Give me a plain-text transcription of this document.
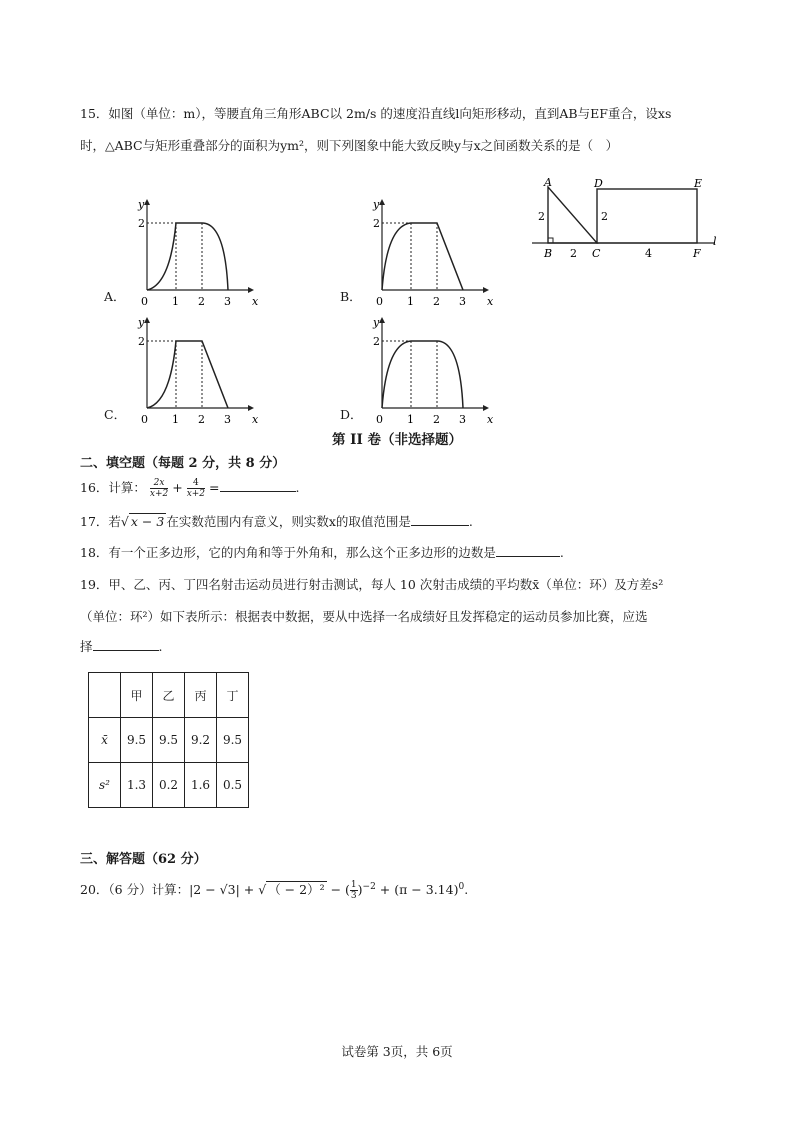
15．如图（单位：m），等腰直角三角形ABC以 2m/s 的速度沿直线l向矩形移动，直到AB与EF重合，设xs
时，△ABC与矩形重叠部分的面积为ym²，则下列图象中能大致反映y与x之间函数关系的是（　）
y
x
2
0 1 2 3
A．
y
x
2
0 1 2 3
B．
A
B	C
D	E
F
l
2
2
2
4
y
x
2
0 1 2 3
C．
y
x
2
0 1 2 3
D．
第 II 卷（非选择题）
二、填空题（每题 2 分，共 8 分）
16．计算： $\frac{2x}{x+2} + \frac{4}{x+2}$ =	.
17．若√ x − 3 在实数范围内有意义，则实数x的取值范围是	.
18．有一个正多边形，它的内角和等于外角和，那么这个正多边形的边数是	.
19．甲、乙、丙、丁四名射击运动员进行射击测试，每人 10 次射击成绩的平均数x̄（单位：环）及方差s²
（单位：环²）如下表所示：根据表中数据，要从中选择一名成绩好且发挥稳定的运动员参加比赛，应选
择	.
	甲	乙	丙	丁
x̄	9.5	9.5	9.2	9.5
s²	1.3	0.2	1.6	0.5
三、解答题（62 分）
20．（6 分）计算：|2 − √3| + √ （ − 2）² − ( $\frac{1}{3} )^{-2} + (\pi - 3.14)^0$.
试卷第 3页，共 6页
